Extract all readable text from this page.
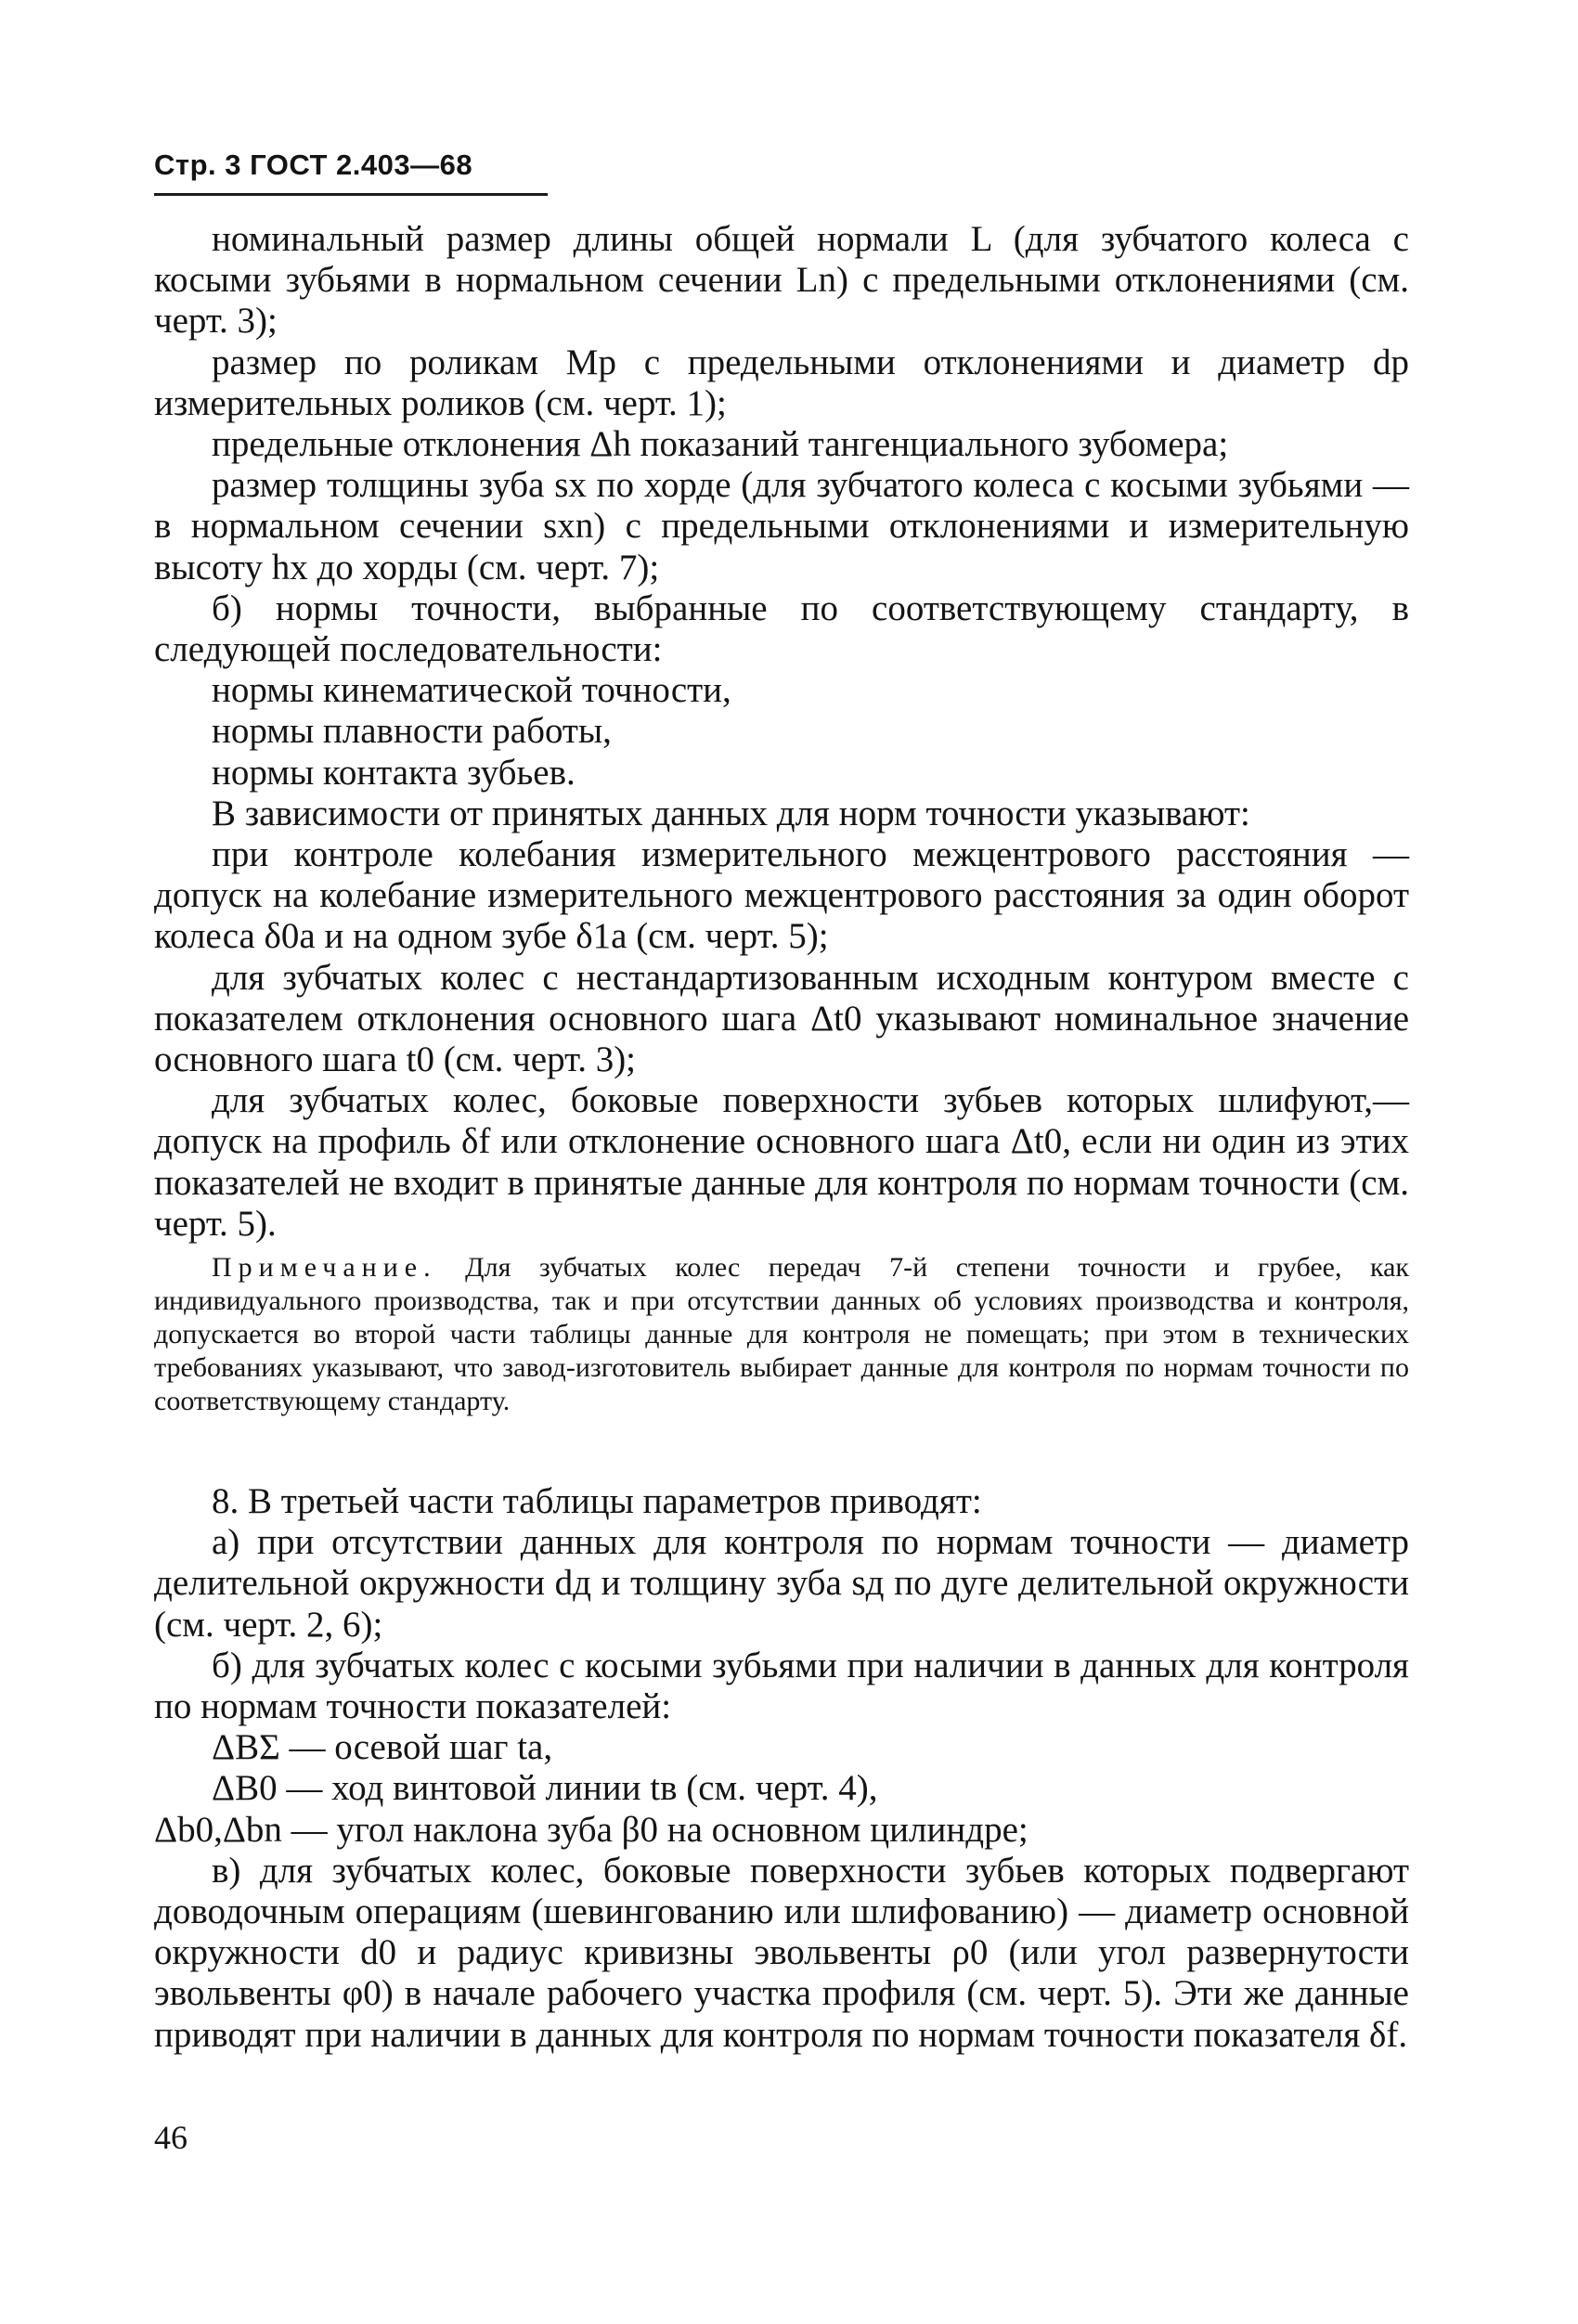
Стр. 3 ГОСТ 2.403—68

номинальный размер длины общей нормали L (для зубчатого колеса с косыми зубьями в нормальном сечении Ln) с предельными отклонениями (см. черт. 3);

размер по роликам Mр с предельными отклонениями и диаметр dр измерительных роликов (см. черт. 1);

предельные отклонения Δh показаний тангенциального зубомера;

размер толщины зуба sx по хорде (для зубчатого колеса с косыми зубьями — в нормальном сечении sxn) с предельными отклонениями и измерительную высоту hx до хорды (см. черт. 7);

б) нормы точности, выбранные по соответствующему стандарту, в следующей последовательности:

нормы кинематической точности,

нормы плавности работы,

нормы контакта зубьев.

В зависимости от принятых данных для норм точности указывают:

при контроле колебания измерительного межцентрового расстояния — допуск на колебание измерительного межцентрового расстояния за один оборот колеса δ0a и на одном зубе δ1a (см. черт. 5);

для зубчатых колес с нестандартизованным исходным контуром вместе с показателем отклонения основного шага Δt0 указывают номинальное значение основного шага t0 (см. черт. 3);

для зубчатых колес, боковые поверхности зубьев которых шлифуют,— допуск на профиль δf или отклонение основного шага Δt0, если ни один из этих показателей не входит в принятые данные для контроля по нормам точности (см. черт. 5).

Примечание. Для зубчатых колес передач 7-й степени точности и грубее, как индивидуального производства, так и при отсутствии данных об условиях производства и контроля, допускается во второй части таблицы данные для контроля не помещать; при этом в технических требованиях указывают, что завод-изготовитель выбирает данные для контроля по нормам точности по соответствующему стандарту.

8. В третьей части таблицы параметров приводят:

а) при отсутствии данных для контроля по нормам точности — диаметр делительной окружности dд и толщину зуба sд по дуге делительной окружности (см. черт. 2, 6);

б) для зубчатых колес с косыми зубьями при наличии в данных для контроля по нормам точности показателей:

ΔBΣ — осевой шаг ta,

ΔB0 — ход винтовой линии tв (см. черт. 4),

Δb0,Δbn — угол наклона зуба β0 на основном цилиндре;

в) для зубчатых колес, боковые поверхности зубьев которых подвергают доводочным операциям (шевингованию или шлифованию) — диаметр основной окружности d0 и радиус кривизны эвольвенты ρ0 (или угол развернутости эвольвенты φ0) в начале рабочего участка профиля (см. черт. 5). Эти же данные приводят при наличии в данных для контроля по нормам точности показателя δf.

46
